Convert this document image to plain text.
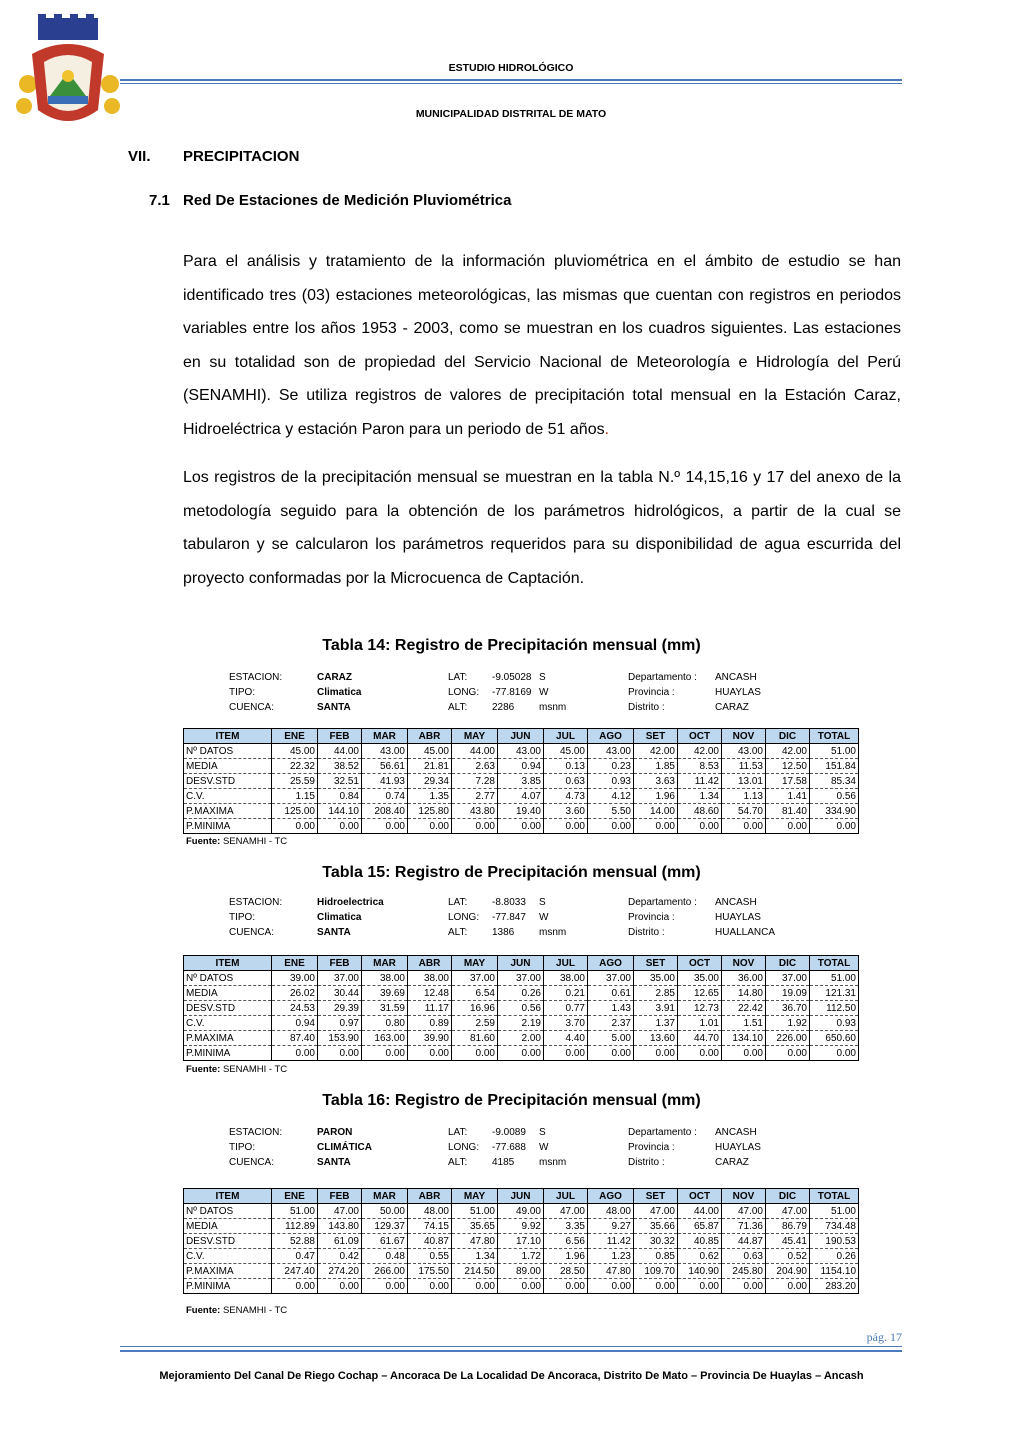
ESTUDIO HIDROLÓGICO
MUNICIPALIDAD DISTRITAL DE MATO
VII. PRECIPITACION
7.1 Red De Estaciones de Medición Pluviométrica
Para el análisis y tratamiento de la información pluviométrica en el ámbito de estudio se han identificado tres (03) estaciones meteorológicas, las mismas que cuentan con registros en periodos variables entre los años 1953 - 2003, como se muestran en los cuadros siguientes. Las estaciones en su totalidad son de propiedad del Servicio Nacional de Meteorología e Hidrología del Perú (SENAMHI). Se utiliza registros de valores de precipitación total mensual en la Estación Caraz, Hidroeléctrica y estación Paron para un periodo de 51 años.
Los registros de la precipitación mensual se muestran en la tabla N.º 14,15,16 y 17 del anexo de la metodología seguido para la obtención de los parámetros hidrológicos, a partir de la cual se tabularon y se calcularon los parámetros requeridos para su disponibilidad de agua escurrida del proyecto conformadas por la Microcuenca de Captación.
Tabla 14: Registro de Precipitación mensual (mm)
ESTACION:	CARAZ	LAT: -9.05028 S	Departamento : ANCASH
TIPO:	Climatica	LONG: -77.8169 W	Provincia :	HUAYLAS
CUENCA:	SANTA	ALT: 2286 msnm	Distrito :	CARAZ
ITEM	ENE	FEB	MAR	ABR	MAY	JUN	JUL	AGO	SET	OCT	NOV	DIC	TOTAL
Nº DATOS	45.00	44.00	43.00	45.00	44.00	43.00	45.00	43.00	42.00	42.00	43.00	42.00	51.00
MEDIA	22.32	38.52	56.61	21.81	2.63	0.94	0.13	0.23	1.85	8.53	11.53	12.50	151.84
DESV.STD	25.59	32.51	41.93	29.34	7.28	3.85	0.63	0.93	3.63	11.42	13.01	17.58	85.34
C.V.	1.15	0.84	0.74	1.35	2.77	4.07	4.73	4.12	1.96	1.34	1.13	1.41	0.56
P.MAXIMA	125.00	144.10	208.40	125.80	43.80	19.40	3.60	5.50	14.00	48.60	54.70	81.40	334.90
P.MINIMA	0.00	0.00	0.00	0.00	0.00	0.00	0.00	0.00	0.00	0.00	0.00	0.00	0.00
Fuente: SENAMHI - TC
Tabla 15: Registro de Precipitación mensual (mm)
ESTACION:	Hidroelectrica	LAT: -8.8033 S	Departamento : ANCASH
TIPO:	Climatica	LONG: -77.847 W	Provincia :	HUAYLAS
CUENCA:	SANTA	ALT: 1386 msnm	Distrito :	HUALLANCA
ITEM	ENE	FEB	MAR	ABR	MAY	JUN	JUL	AGO	SET	OCT	NOV	DIC	TOTAL
Nº DATOS	39.00	37.00	38.00	38.00	37.00	37.00	38.00	37.00	35.00	35.00	36.00	37.00	51.00
MEDIA	26.02	30.44	39.69	12.48	6.54	0.26	0.21	0.61	2.85	12.65	14.80	19.09	121.31
DESV.STD	24.53	29.39	31.59	11.17	16.96	0.56	0.77	1.43	3.91	12.73	22.42	36.70	112.50
C.V.	0.94	0.97	0.80	0.89	2.59	2.19	3.70	2.37	1.37	1.01	1.51	1.92	0.93
P.MAXIMA	87.40	153.90	163.00	39.90	81.60	2.00	4.40	5.00	13.60	44.70	134.10	226.00	650.60
P.MINIMA	0.00	0.00	0.00	0.00	0.00	0.00	0.00	0.00	0.00	0.00	0.00	0.00	0.00
Fuente: SENAMHI - TC
Tabla 16: Registro de Precipitación mensual (mm)
ESTACION:	PARON	LAT: -9.0089 S	Departamento : ANCASH
TIPO:	CLIMÁTICA	LONG: -77.688 W	Provincia :	HUAYLAS
CUENCA:	SANTA	ALT: 4185 msnm	Distrito :	CARAZ
ITEM	ENE	FEB	MAR	ABR	MAY	JUN	JUL	AGO	SET	OCT	NOV	DIC	TOTAL
Nº DATOS	51.00	47.00	50.00	48.00	51.00	49.00	47.00	48.00	47.00	44.00	47.00	47.00	51.00
MEDIA	112.89	143.80	129.37	74.15	35.65	9.92	3.35	9.27	35.66	65.87	71.36	86.79	734.48
DESV.STD	52.88	61.09	61.67	40.87	47.80	17.10	6.56	11.42	30.32	40.85	44.87	45.41	190.53
C.V.	0.47	0.42	0.48	0.55	1.34	1.72	1.96	1.23	0.85	0.62	0.63	0.52	0.26
P.MAXIMA	247.40	274.20	266.00	175.50	214.50	89.00	28.50	47.80	109.70	140.90	245.80	204.90	1154.10
P.MINIMA	0.00	0.00	0.00	0.00	0.00	0.00	0.00	0.00	0.00	0.00	0.00	0.00	283.20
Fuente: SENAMHI - TC
pág. 17
Mejoramiento Del Canal De Riego Cochap – Ancoraca De La Localidad De Ancoraca, Distrito De Mato – Provincia De Huaylas – Ancash
